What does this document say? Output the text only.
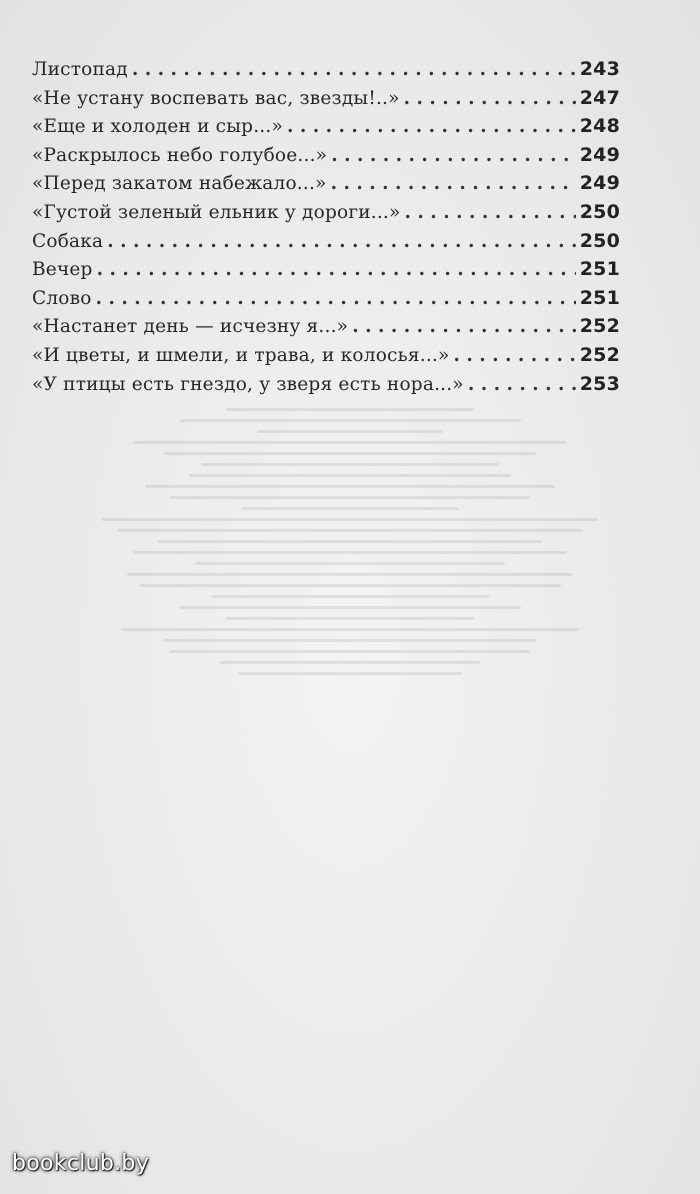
Листопад . . .	243
«Не устану воспевать вас, звезды!..» . . .	247
«Еще и холоден и сыр...» . . .	248
«Раскрылось небо голубое...» . . .	249
«Перед закатом набежало...» . . .	249
«Густой зеленый ельник у дороги...» . . .	250
Собака . . .	250
Вечер . . .	251
Слово . . .	251
«Настанет день — исчезну я...» . . .	252
«И цветы, и шмели, и трава, и колосья...» . . .	252
«У птицы есть гнездо, у зверя есть нора...» . . .	253
bookclub.by
